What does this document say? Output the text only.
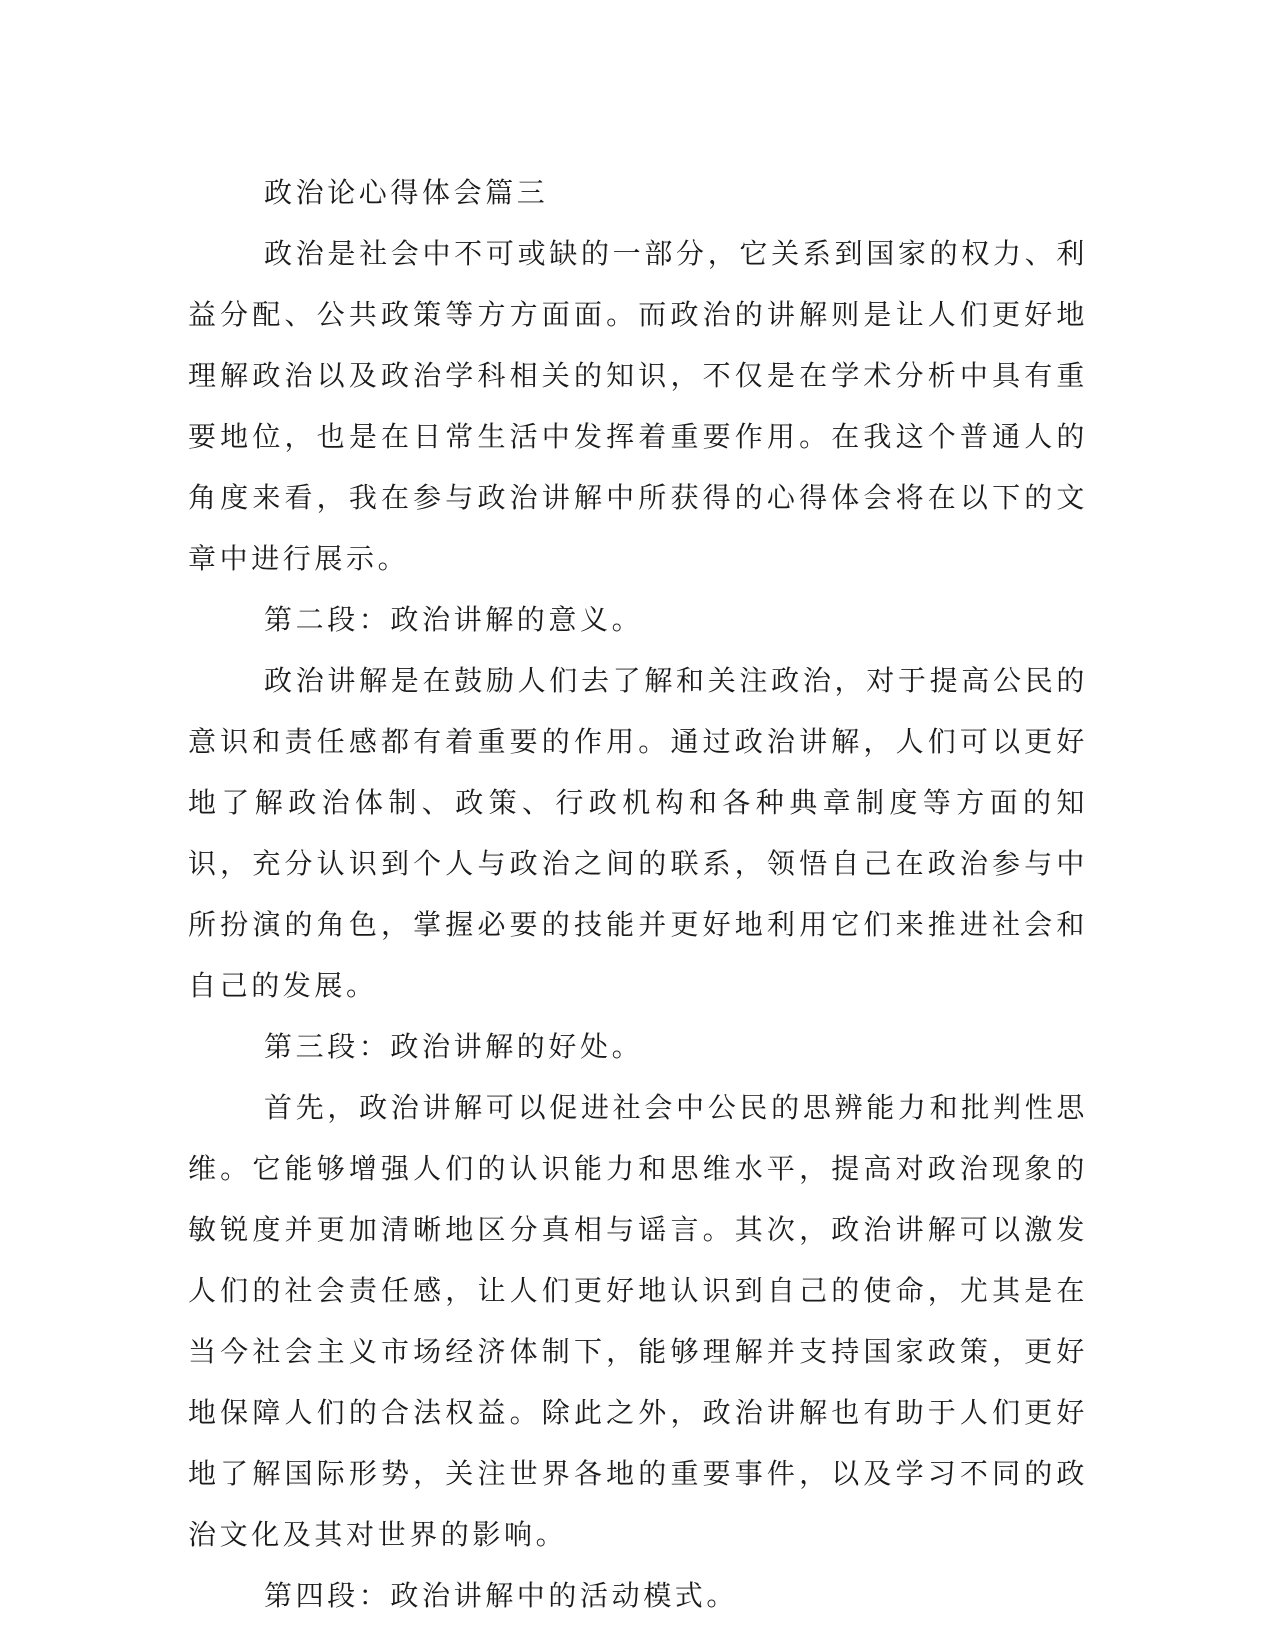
政治论心得体会篇三

政治是社会中不可或缺的一部分，它关系到国家的权力、利益分配、公共政策等方方面面。而政治的讲解则是让人们更好地理解政治以及政治学科相关的知识，不仅是在学术分析中具有重要地位，也是在日常生活中发挥着重要作用。在我这个普通人的角度来看，我在参与政治讲解中所获得的心得体会将在以下的文章中进行展示。

第二段：政治讲解的意义。

政治讲解是在鼓励人们去了解和关注政治，对于提高公民的意识和责任感都有着重要的作用。通过政治讲解，人们可以更好地了解政治体制、政策、行政机构和各种典章制度等方面的知识，充分认识到个人与政治之间的联系，领悟自己在政治参与中所扮演的角色，掌握必要的技能并更好地利用它们来推进社会和自己的发展。

第三段：政治讲解的好处。

首先，政治讲解可以促进社会中公民的思辨能力和批判性思维。它能够增强人们的认识能力和思维水平，提高对政治现象的敏锐度并更加清晰地区分真相与谣言。其次，政治讲解可以激发人们的社会责任感，让人们更好地认识到自己的使命，尤其是在当今社会主义市场经济体制下，能够理解并支持国家政策，更好地保障人们的合法权益。除此之外，政治讲解也有助于人们更好地了解国际形势，关注世界各地的重要事件，以及学习不同的政治文化及其对世界的影响。

第四段：政治讲解中的活动模式。
